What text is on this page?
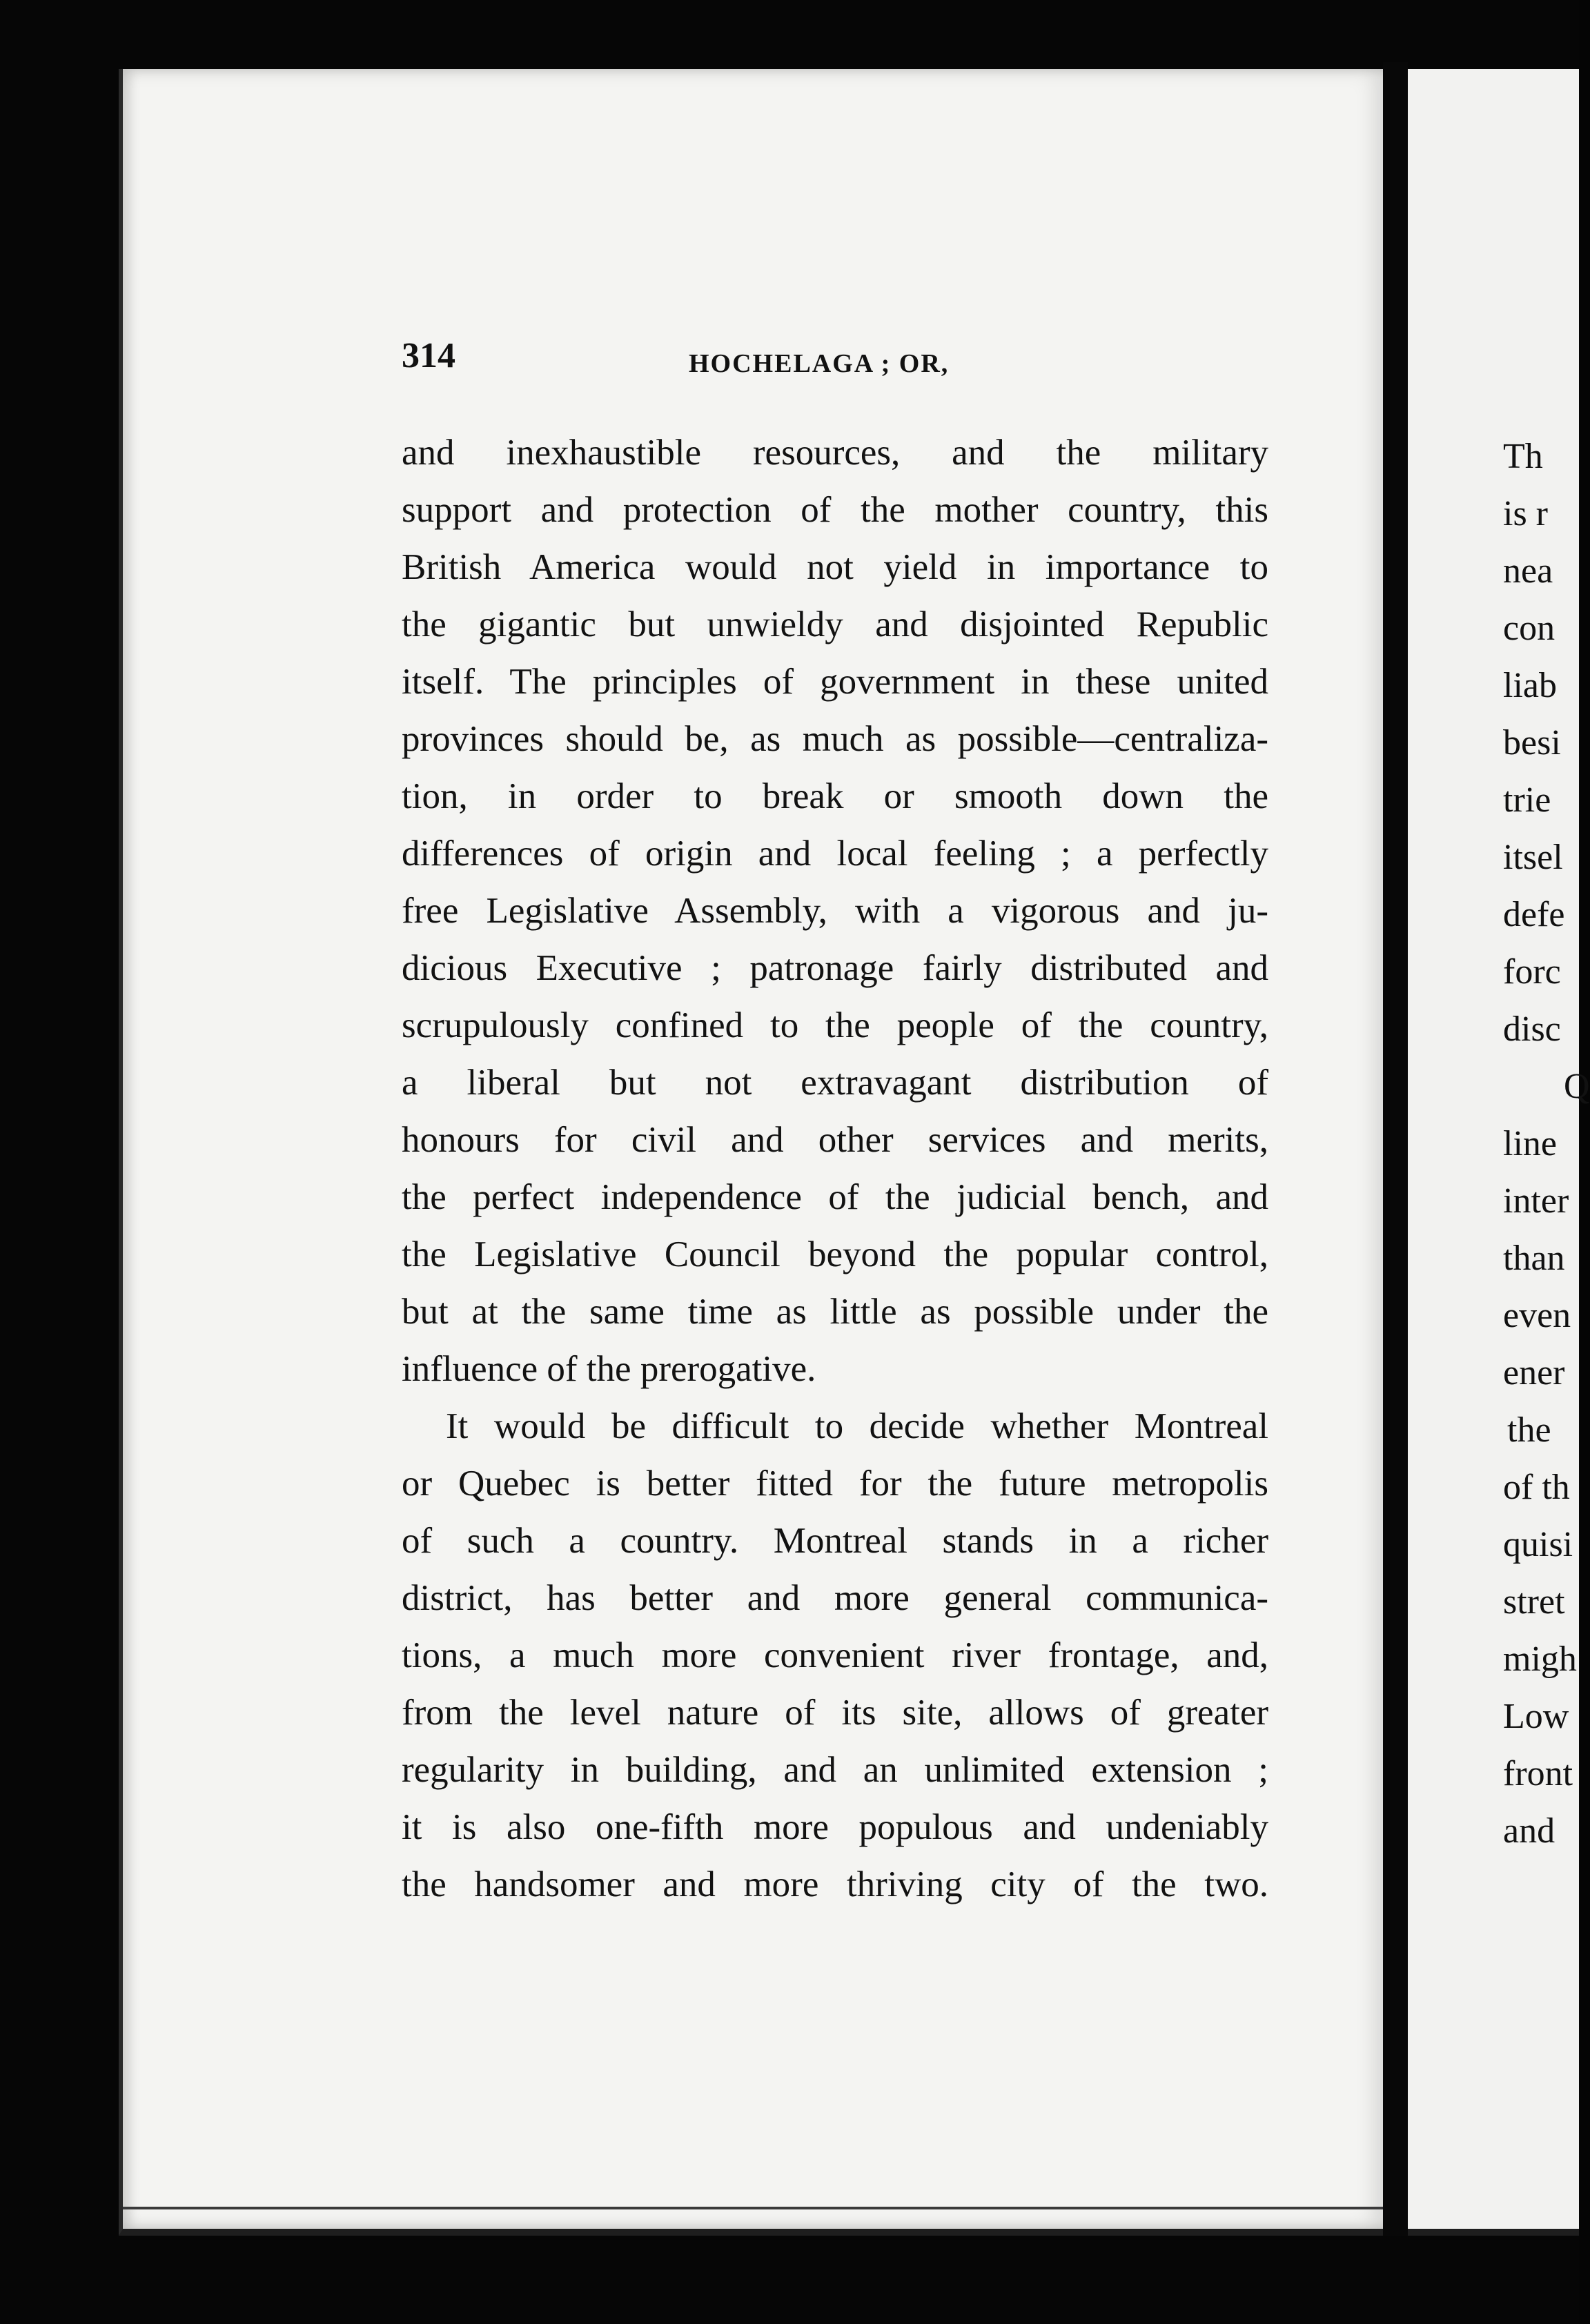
314	HOCHELAGA ; OR,
and inexhaustible resources, and the military
support and protection of the mother country, this
British America would not yield in importance to
the gigantic but unwieldy and disjointed Republic
itself. The principles of government in these united
provinces should be, as much as possible—centraliza-
tion, in order to break or smooth down the
differences of origin and local feeling ; a perfectly
free Legislative Assembly, with a vigorous and ju-
dicious Executive ; patronage fairly distributed and
scrupulously confined to the people of the country,
a liberal but not extravagant distribution of
honours for civil and other services and merits,
the perfect independence of the judicial bench, and
the Legislative Council beyond the popular control,
but at the same time as little as possible under the
influence of the prerogative.
It would be difficult to decide whether Montreal
or Quebec is better fitted for the future metropolis
of such a country. Montreal stands in a richer
district, has better and more general communica-
tions, a much more convenient river frontage, and,
from the level nature of its site, allows of greater
regularity in building, and an unlimited extension ;
it is also one-fifth more populous and undeniably
the handsomer and more thriving city of the two.
Th
is r
nea
con
liab
besi
trie
itsel
defe
forc
disc
Q
line
inter
than
even
ener
the
of th
quisi
stret
migh
Low
front
and
